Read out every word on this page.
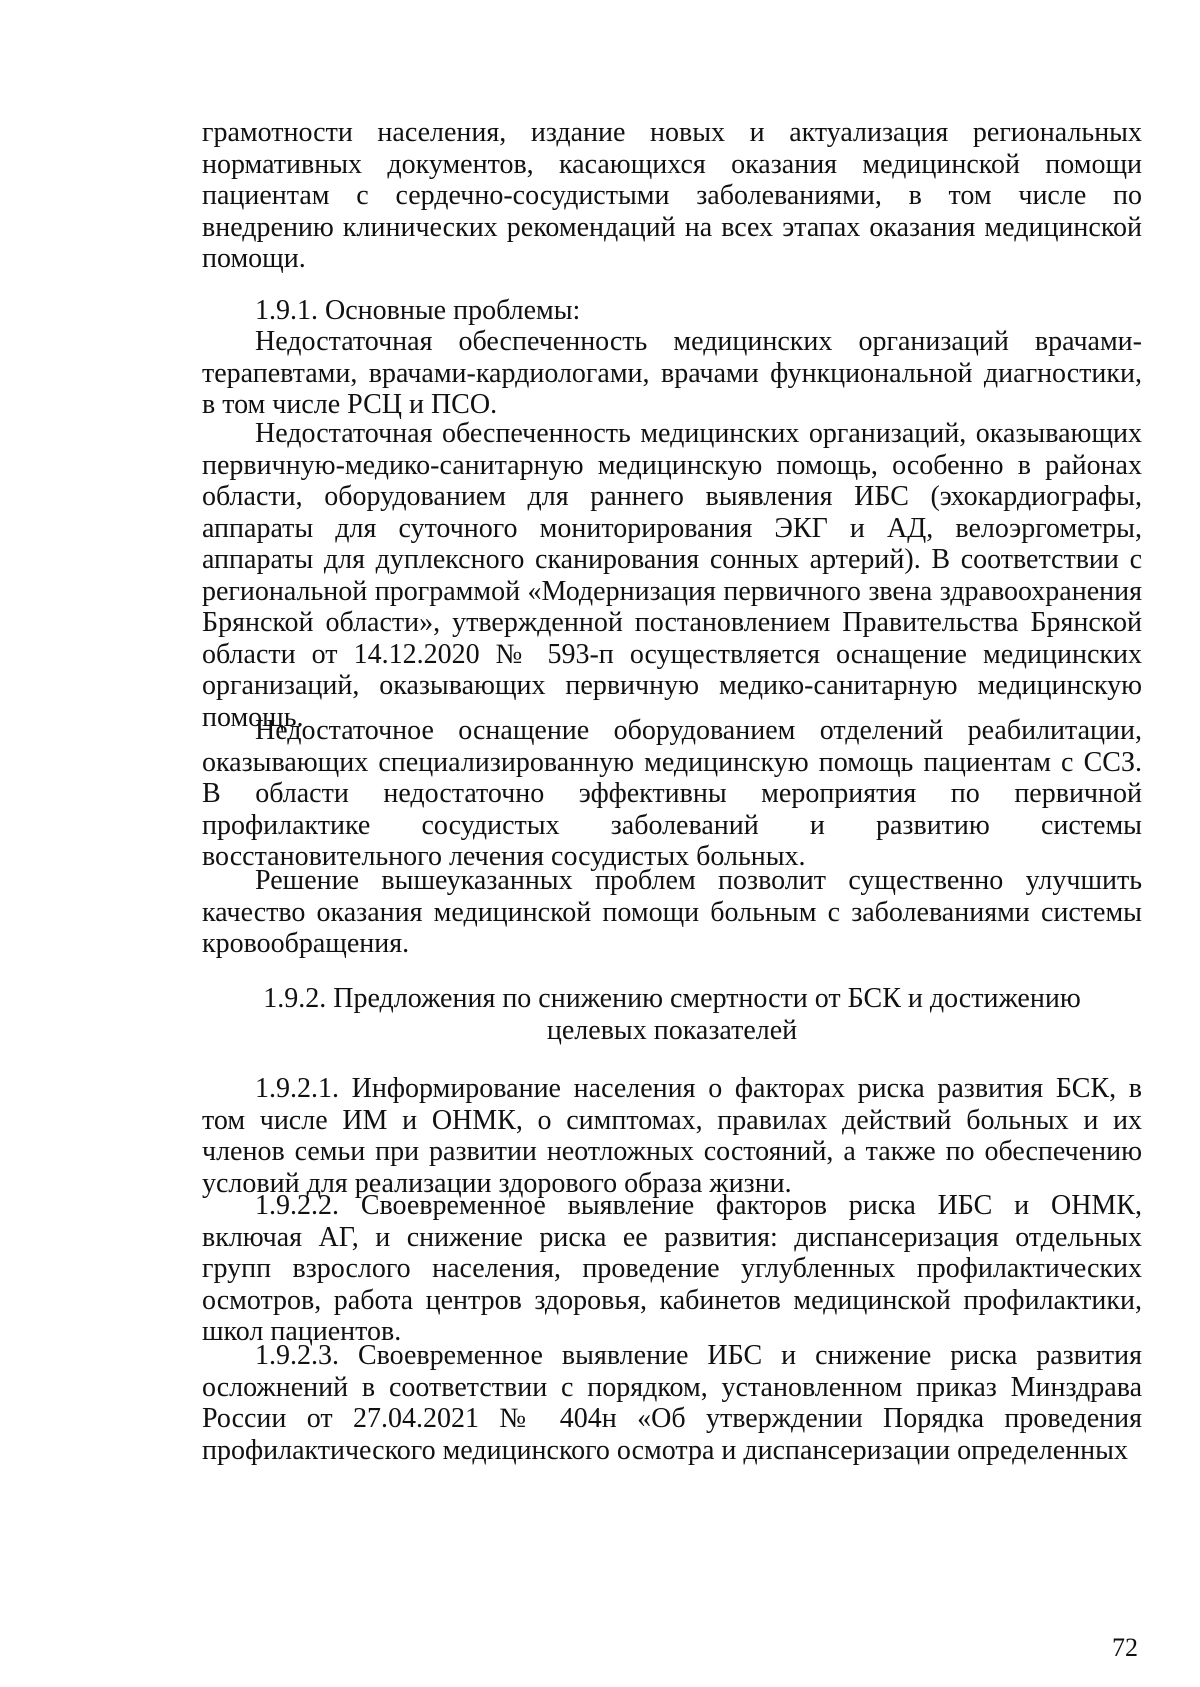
грамотности населения, издание новых и актуализация региональных нормативных документов, касающихся оказания медицинской помощи пациентам с сердечно-сосудистыми заболеваниями, в том числе по внедрению клинических рекомендаций на всех этапах оказания медицинской помощи.

1.9.1. Основные проблемы:

Недостаточная обеспеченность медицинских организаций врачами-терапевтами, врачами-кардиологами, врачами функциональной диагностики, в том числе РСЦ и ПСО.

Недостаточная обеспеченность медицинских организаций, оказывающих первичную-медико-санитарную медицинскую помощь, особенно в районах области, оборудованием для раннего выявления ИБС (эхокардиографы, аппараты для суточного мониторирования ЭКГ и АД, велоэргометры, аппараты для дуплексного сканирования сонных артерий). В соответствии с региональной программой «Модернизация первичного звена здравоохранения Брянской области», утвержденной постановлением Правительства Брянской области от 14.12.2020 № 593-п осуществляется оснащение медицинских организаций, оказывающих первичную медико-санитарную медицинскую помощь.

Недостаточное оснащение оборудованием отделений реабилитации, оказывающих специализированную медицинскую помощь пациентам с ССЗ. В области недостаточно эффективны мероприятия по первичной профилактике сосудистых заболеваний и развитию системы восстановительного лечения сосудистых больных.

Решение вышеуказанных проблем позволит существенно улучшить качество оказания медицинской помощи больным с заболеваниями системы кровообращения.

1.9.2. Предложения по снижению смертности от БСК и достижению
целевых показателей

1.9.2.1. Информирование населения о факторах риска развития БСК, в том числе ИМ и ОНМК, о симптомах, правилах действий больных и их членов семьи при развитии неотложных состояний, а также по обеспечению условий для реализации здорового образа жизни.

1.9.2.2. Своевременное выявление факторов риска ИБС и ОНМК, включая АГ, и снижение риска ее развития: диспансеризация отдельных групп взрослого населения, проведение углубленных профилактических осмотров, работа центров здоровья, кабинетов медицинской профилактики, школ пациентов.

1.9.2.3. Своевременное выявление ИБС и снижение риска развития осложнений в соответствии с порядком, установленном приказ Минздрава России от 27.04.2021 № 404н «Об утверждении Порядка проведения профилактического медицинского осмотра и диспансеризации определенных

72
